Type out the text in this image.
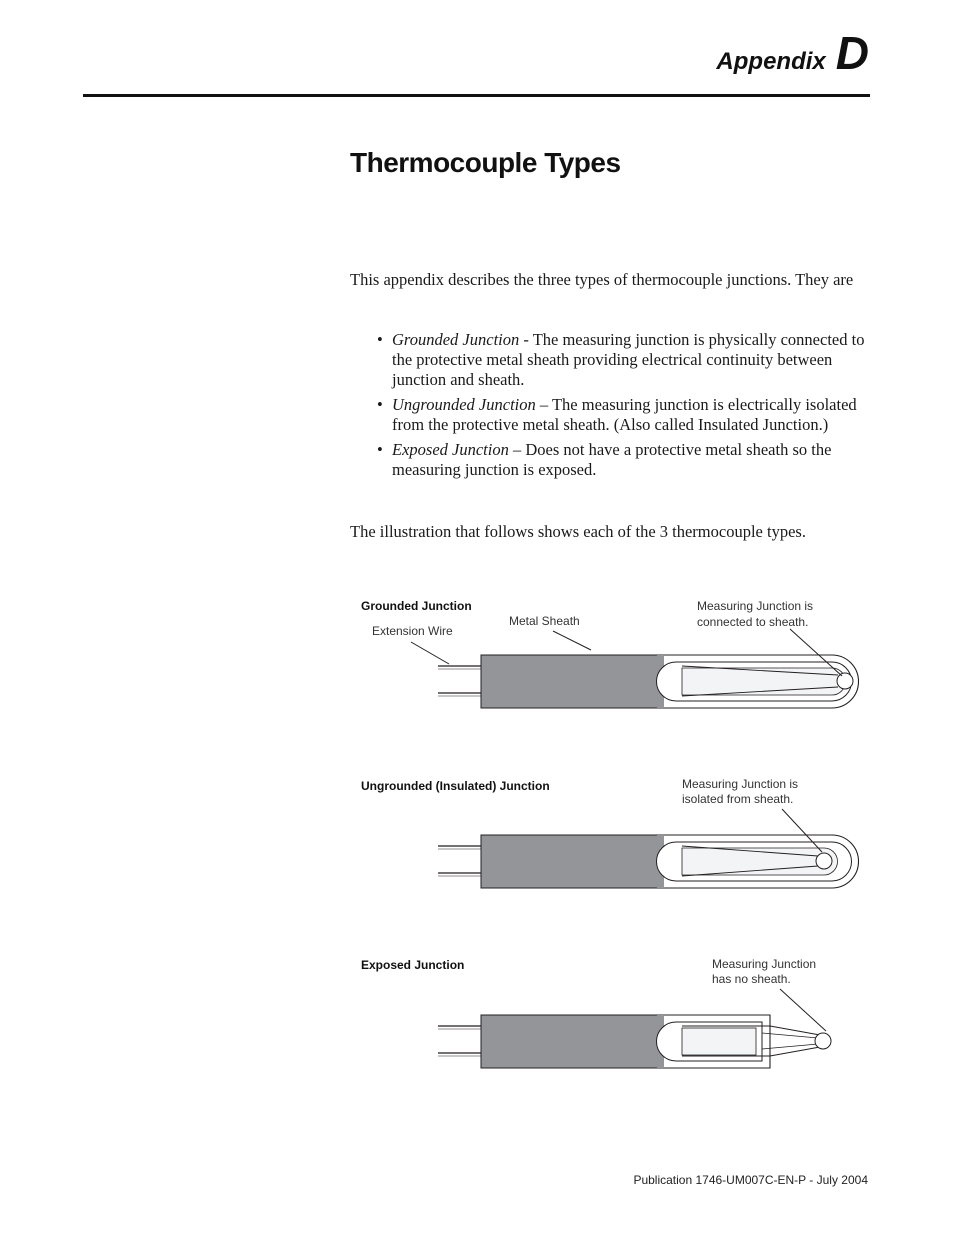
Appendix D
Thermocouple Types

This appendix describes the three types of thermocouple junctions. They are

• Grounded Junction - The measuring junction is physically connected to the protective metal sheath providing electrical continuity between junction and sheath.
• Ungrounded Junction – The measuring junction is electrically isolated from the protective metal sheath. (Also called Insulated Junction.)
• Exposed Junction – Does not have a protective metal sheath so the measuring junction is exposed.

The illustration that follows shows each of the 3 thermocouple types.

Grounded Junction
Extension Wire
Metal Sheath
Measuring Junction is
connected to sheath.
Ungrounded (Insulated) Junction	Measuring Junction is
isolated from sheath.
Exposed Junction	Measuring Junction
has no sheath.
Publication 1746-UM007C-EN-P - July 2004
